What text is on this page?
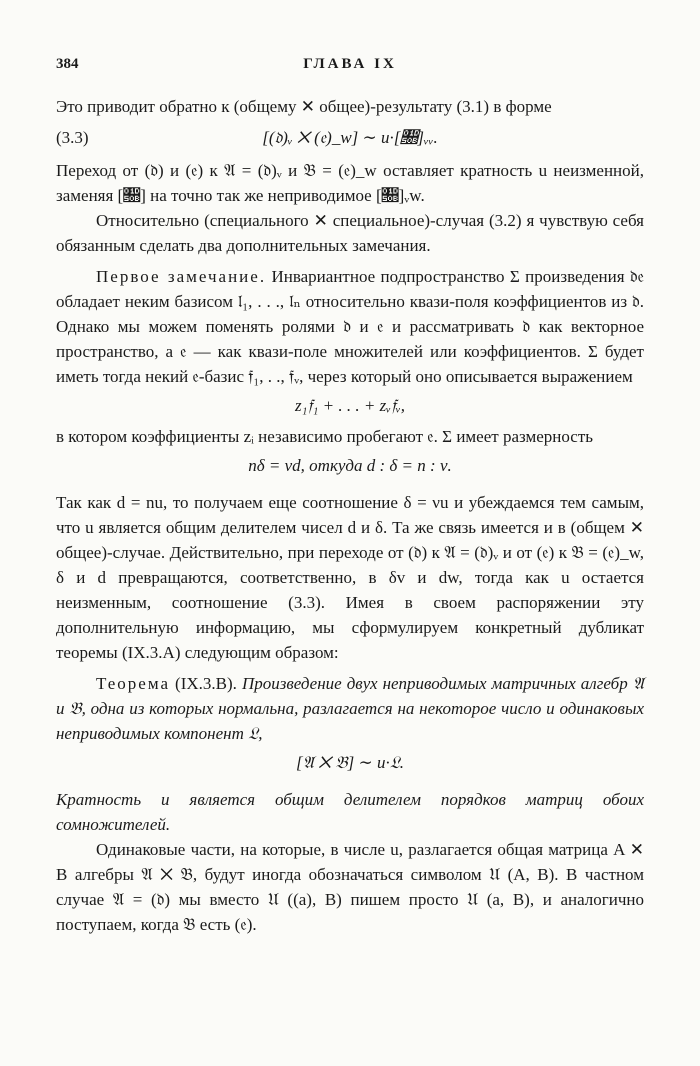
384	ГЛАВА IX

Это приводит обратно к (общему ✕ общее)-результату (3.1) в форме

(3.3)	[(𝔡)ᵥ ✕ (𝔢)_w] ∼ u·[𝔋]ᵥᵥ.

Переход от (𝔡) и (𝔢) к 𝔄 = (𝔡)ᵥ и 𝔅 = (𝔢)_w оставляет кратность u неизменной, заменяя [𝔋] на точно так же неприводимое [𝔋]ᵥw.

Относительно (специального ✕ специальное)-случая (3.2) я чувствую себя обязанным сделать два дополнительных замечания.

Первое замечание. Инвариантное подпространство Σ произведения 𝔡𝔢 обладает неким базисом 𝔩₁, . . ., 𝔩ₙ относительно квази-поля коэффициентов из 𝔡. Однако мы можем поменять ролями 𝔡 и 𝔢 и рассматривать 𝔡 как векторное пространство, а 𝔢 — как квази-поле множителей или коэффициентов. Σ будет иметь тогда некий 𝔢-базис 𝔣₁, . ., 𝔣ᵥ, через который оно описывается выражением

z₁𝔣₁ + . . . + zᵥ𝔣ᵥ,

в котором коэффициенты zᵢ независимо пробегают 𝔢. Σ имеет размерность

nδ = νd, откуда d : δ = n : ν.

Так как d = nu, то получаем еще соотношение δ = νu и убеждаемся тем самым, что u является общим делителем чисел d и δ. Та же связь имеется и в (общем ✕ общее)-случае. Действительно, при переходе от (𝔡) к 𝔄 = (𝔡)ᵥ и от (𝔢) к 𝔅 = (𝔢)_w, δ и d превращаются, соответственно, в δv и dw, тогда как u остается неизменным, соотношение (3.3). Имея в своем распоряжении эту дополнительную информацию, мы сформулируем конкретный дубликат теоремы (IX.3.A) следующим образом:

Теорема (IX.3.B). Произведение двух неприводимых матричных алгебр 𝔄 и 𝔅, одна из которых нормальна, разлагается на некоторое число и одинаковых неприводимых компонент 𝔏,

[𝔄 ✕ 𝔅] ∼ u·𝔏.

Кратность и является общим делителем порядков матриц обоих сомножителей.

Одинаковые части, на которые, в числе u, разлагается общая матрица A ✕ B алгебры 𝔄 ✕ 𝔅, будут иногда обозначаться символом 𝔘 (A, B). В частном случае 𝔄 = (𝔡) мы вместо 𝔘 ((a), B) пишем просто 𝔘 (a, B), и аналогично поступаем, когда 𝔅 есть (𝔢).
